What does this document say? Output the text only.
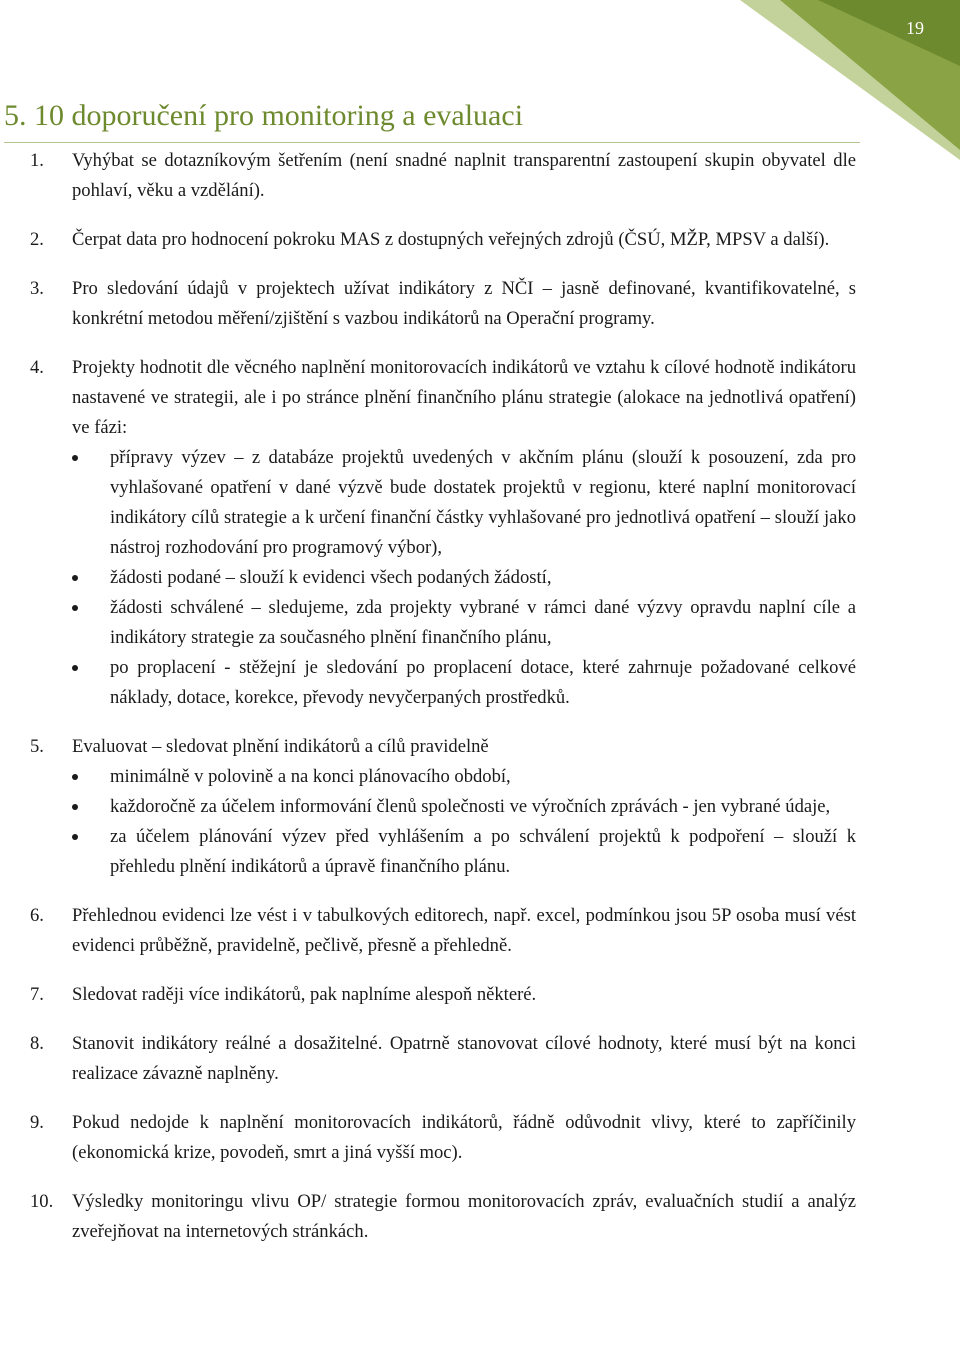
19
5. 10 doporučení pro monitoring a evaluaci
1.	Vyhýbat se dotazníkovým šetřením (není snadné naplnit transparentní zastoupení skupin obyvatel dle pohlaví, věku a vzdělání).
2.	Čerpat data pro hodnocení pokroku MAS z dostupných veřejných zdrojů (ČSÚ, MŽP, MPSV a další).
3.	Pro sledování údajů v projektech užívat indikátory z NČI – jasně definované, kvantifikovatelné, s konkrétní metodou měření/zjištění s vazbou indikátorů na Operační programy.
4.	Projekty hodnotit dle věcného naplnění monitorovacích indikátorů ve vztahu k cílové hodnotě indikátoru nastavené ve strategii, ale i po stránce plnění finančního plánu strategie (alokace na jednotlivá opatření) ve fázi:
přípravy výzev – z databáze projektů uvedených v akčním plánu (slouží k posouzení, zda pro vyhlašované opatření v dané výzvě bude dostatek projektů v regionu, které naplní monitorovací indikátory cílů strategie a k určení finanční částky vyhlašované pro jednotlivá opatření – slouží jako nástroj rozhodování pro programový výbor),
žádosti podané – slouží k evidenci všech podaných žádostí,
žádosti schválené – sledujeme, zda projekty vybrané v rámci dané výzvy opravdu naplní cíle a indikátory strategie za současného plnění finančního plánu,
po proplacení - stěžejní je sledování po proplacení dotace, které zahrnuje požadované celkové náklady, dotace, korekce, převody nevyčerpaných prostředků.
5.	Evaluovat – sledovat plnění indikátorů a cílů pravidelně
minimálně v polovině a na konci plánovacího období,
každoročně za účelem informování členů společnosti ve výročních zprávách - jen vybrané údaje,
za účelem plánování výzev před vyhlášením a po schválení projektů k podpoření – slouží k přehledu plnění indikátorů a úpravě finančního plánu.
6.	Přehlednou evidenci lze vést i v tabulkových editorech, např. excel, podmínkou jsou 5P osoba musí vést evidenci průběžně, pravidelně, pečlivě, přesně a přehledně.
7.	Sledovat raději více indikátorů, pak naplníme alespoň některé.
8.	Stanovit indikátory reálné a dosažitelné. Opatrně stanovovat cílové hodnoty, které musí být na konci realizace závazně naplněny.
9.	Pokud nedojde k naplnění monitorovacích indikátorů, řádně odůvodnit vlivy, které to zapříčinily (ekonomická krize, povodeň, smrt a jiná vyšší moc).
10.	Výsledky monitoringu vlivu OP/ strategie formou monitorovacích zpráv, evaluačních studií a analýz zveřejňovat na internetových stránkách.
